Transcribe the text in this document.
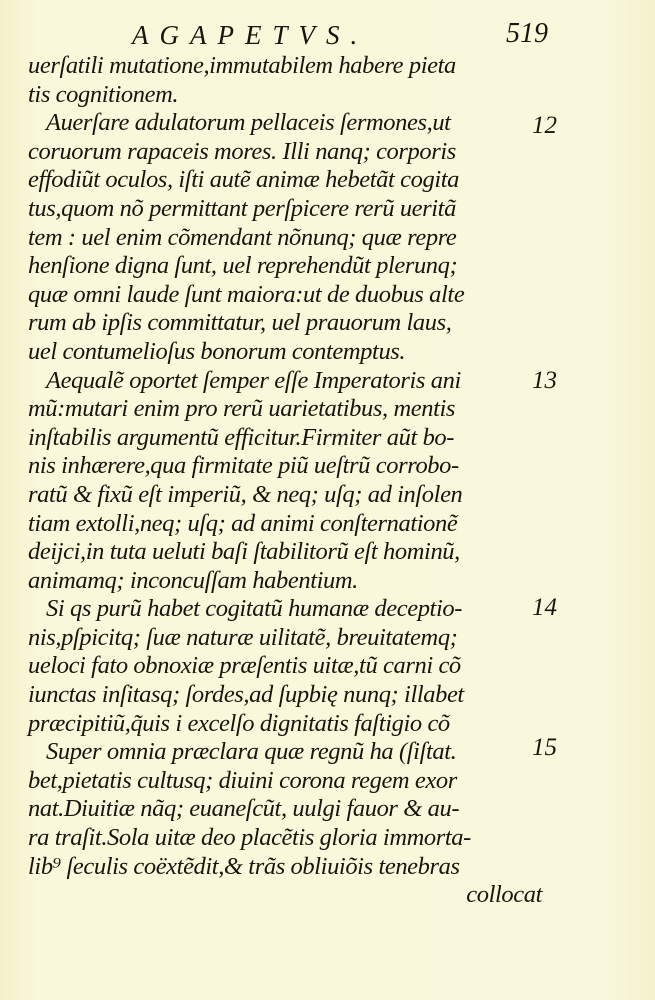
AGAPETVS.	519
uerſatili mutatione,immutabilem habere pieta
tis cognitionem.
Auerſare adulatorum pellaceis ſermones,ut
coruorum rapaceis mores. Illi nanq; corporis
effodiũt oculos, iſti autẽ animæ hebetãt cogita
tus,quom nõ permittant perſpicere rerũ ueritã
tem : uel enim cõmendant nõnunq; quæ repre
henſione digna ſunt, uel reprehendũt plerunq;
quæ omni laude ſunt maiora:ut de duobus alte
rum ab ipſis committatur, uel prauorum laus,
uel contumelioſus bonorum contemptus.
Aequalẽ oportet ſemper eſſe Imperatoris ani
mũ:mutari enim pro rerũ uarietatibus, mentis
inſtabilis argumentũ efficitur.Firmiter aũt bo-
nis inhærere,qua firmitate piũ ueſtrũ corrobo-
ratũ & fixũ eſt imperiũ, & neq; uſq; ad inſolen
tiam extolli,neq; uſq; ad animi conſternationẽ
deijci,in tuta ueluti baſi ſtabilitorũ eſt hominũ,
animamq; inconcuſſam habentium.
Si qs purũ habet cogitatũ humanæ deceptio-
nis,pſpicitq; ſuæ naturæ uilitatẽ, breuitatemq;
ueloci fato obnoxiæ præſentis uitæ,tũ carni cõ
iunctas inſitasq; ſordes,ad ſupbię nunq; illabet
præcipitiũ,q̃uis i excelſo dignitatis faſtigio cõ
Super omnia præclara quæ regnũ ha (ſiſtat.
bet,pietatis cultusq; diuini corona regem exor
nat.Diuitiæ nãq; euaneſcũt, uulgi fauor & au-
ra traſit.Sola uitæ deo placẽtis gloria immorta-
lib⁹ ſeculis coëxtẽdit,& trãs obliuiõis tenebras
collocat
12
13
14
15
